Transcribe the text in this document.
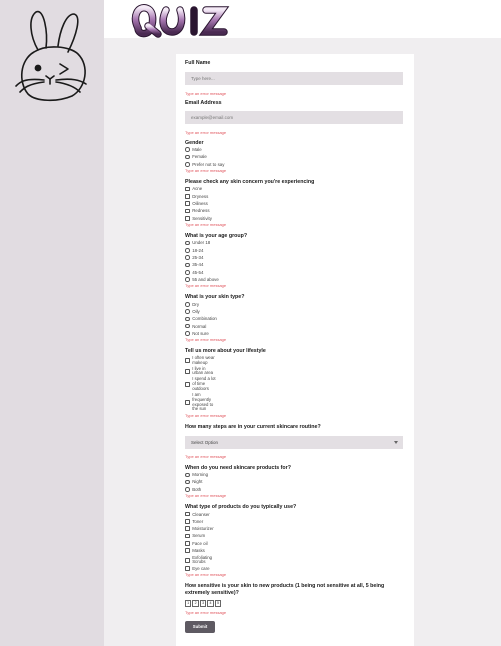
Full Name
Type here...
Type an error message
Email Address
example@email.com
Type an error message
Gender
Male
Female
Prefer not to say
Type an error message
Please check any skin concern you're experiencing
Acne
Dryness
Oiliness
Redness
Sensitivity
Type an error message
What is your age group?
Under 18
18-24
25-34
35-44
45-54
55 and above
Type an error message
What is your skin type?
Dry
Oily
Combination
Normal
Not sure
Type an error message
Tell us more about your lifestyle
I often wear makeup
I live in urban area
I spend a lot of time outdoors
I am frequently exposed to the sun
Type an error message
How many steps are in your current skincare routine?
Select Option
Type an error message
When do you need skincare products for?
Morning
Night
Both
Type an error message
What type of products do you typically use?
Cleanser
Toner
Moisturizer
Serum
Face oil
Masks
Exfoliating Scrubs
Eye care
Type an error message
How sensitive is your skin to new products (1 being not sensitive at all, 5 being extremely sensitive)?
1	2	3	4	5
Type an error message
Submit
